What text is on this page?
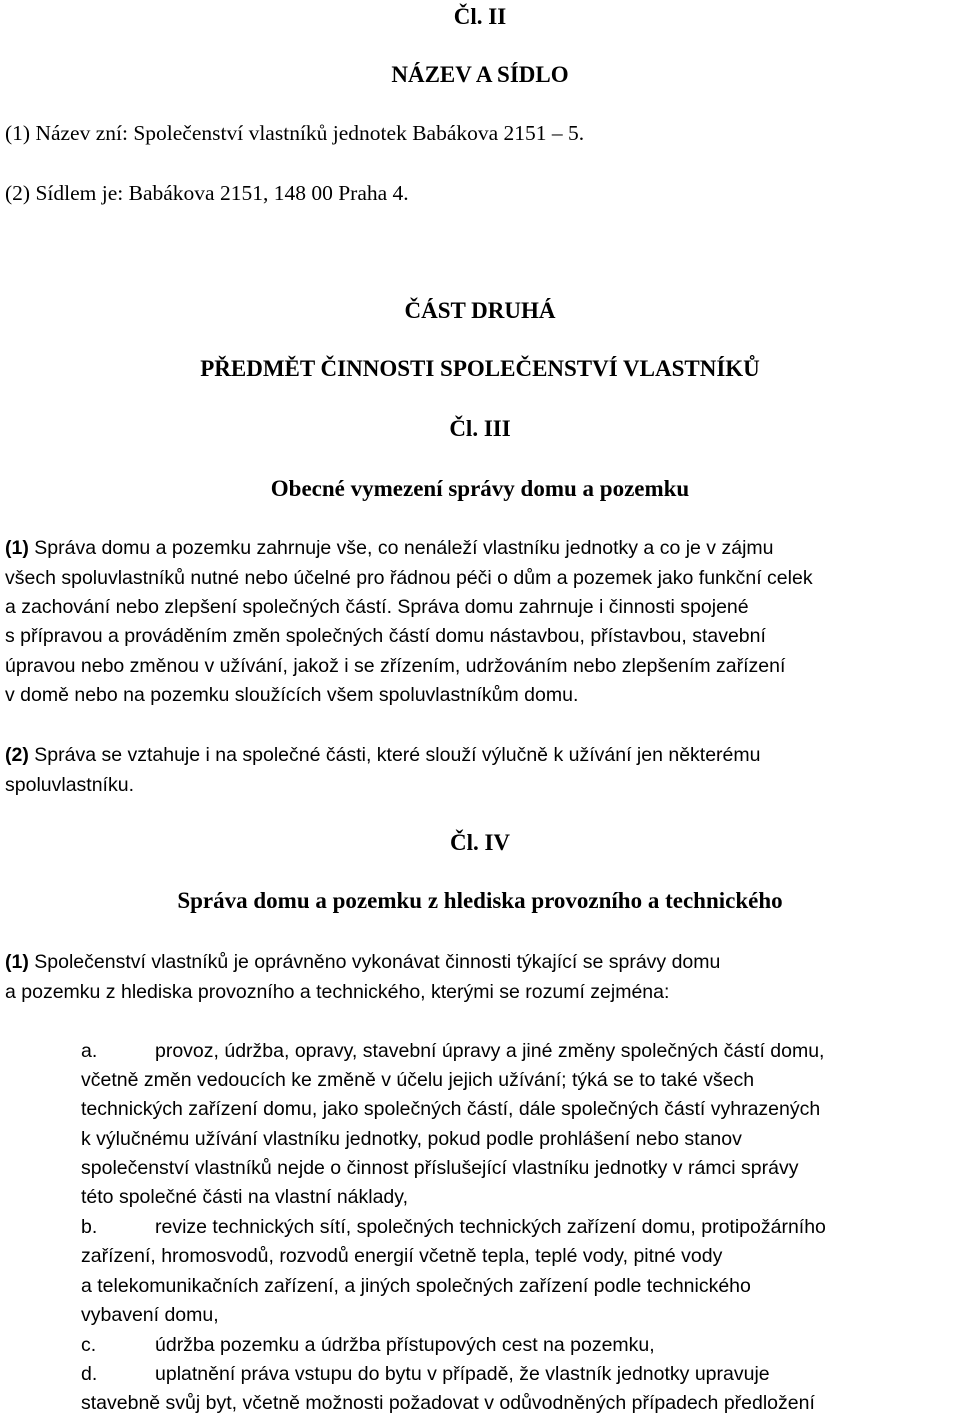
Čl. II

NÁZEV A SÍDLO

(1) Název zní: Společenství vlastníků jednotek Babákova 2151 – 5.

(2) Sídlem je: Babákova 2151, 148 00 Praha 4.

ČÁST DRUHÁ

PŘEDMĚT ČINNOSTI SPOLEČENSTVÍ VLASTNÍKŮ

Čl. III

Obecné vymezení správy domu a pozemku

(1) Správa domu a pozemku zahrnuje vše, co nenáleží vlastníku jednotky a co je v zájmu

všech spoluvlastníků nutné nebo účelné pro řádnou péči o dům a pozemek jako funkční celek

a zachování nebo zlepšení společných částí. Správa domu zahrnuje i činnosti spojené

s přípravou a prováděním změn společných částí domu nástavbou, přístavbou, stavební

úpravou nebo změnou v užívání, jakož i se zřízením, udržováním nebo zlepšením zařízení

v domě nebo na pozemku sloužících všem spoluvlastníkům domu.

(2) Správa se vztahuje i na společné části, které slouží výlučně k užívání jen některému

spoluvlastníku.

Čl. IV

Správa domu a pozemku z hlediska provozního a technického

(1) Společenství vlastníků je oprávněno vykonávat činnosti týkající se správy domu

a pozemku z hlediska provozního a technického, kterými se rozumí zejména:

a.	provoz, údržba, opravy, stavební úpravy a jiné změny společných částí domu,

včetně změn vedoucích ke změně v účelu jejich užívání; týká se to také všech

technických zařízení domu, jako společných částí, dále společných částí vyhrazených

k výlučnému užívání vlastníku jednotky, pokud podle prohlášení nebo stanov

společenství vlastníků nejde o činnost příslušející vlastníku jednotky v rámci správy

této společné části na vlastní náklady,

b.	revize technických sítí, společných technických zařízení domu, protipožárního

zařízení, hromosvodů, rozvodů energií včetně tepla, teplé vody, pitné vody

a telekomunikačních zařízení, a jiných společných zařízení podle technického

vybavení domu,

c.	údržba pozemku a údržba přístupových cest na pozemku,

d.	uplatnění práva vstupu do bytu v případě, že vlastník jednotky upravuje

stavebně svůj byt, včetně možnosti požadovat v odůvodněných případech předložení
